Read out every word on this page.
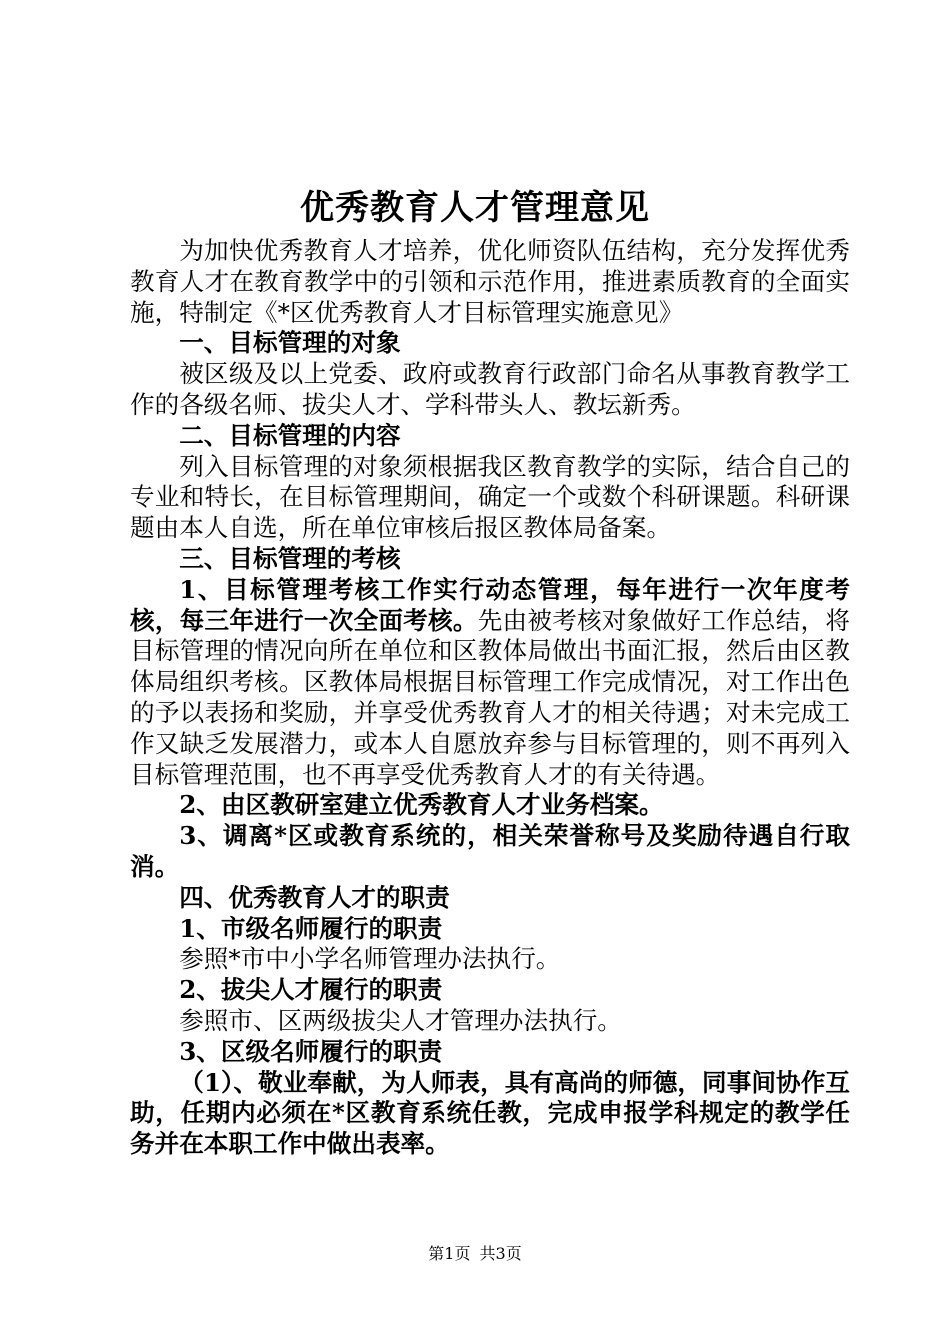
优秀教育人才管理意见

为加快优秀教育人才培养，优化师资队伍结构，充分发挥优秀教育人才在教育教学中的引领和示范作用，推进素质教育的全面实施，特制定《*区优秀教育人才目标管理实施意见》

一、目标管理的对象

被区级及以上党委、政府或教育行政部门命名从事教育教学工作的各级名师、拔尖人才、学科带头人、教坛新秀。

二、目标管理的内容

列入目标管理的对象须根据我区教育教学的实际，结合自己的专业和特长，在目标管理期间，确定一个或数个科研课题。科研课题由本人自选，所在单位审核后报区教体局备案。

三、目标管理的考核

1、目标管理考核工作实行动态管理，每年进行一次年度考核，每三年进行一次全面考核。先由被考核对象做好工作总结，将目标管理的情况向所在单位和区教体局做出书面汇报，然后由区教体局组织考核。区教体局根据目标管理工作完成情况，对工作出色的予以表扬和奖励，并享受优秀教育人才的相关待遇；对未完成工作又缺乏发展潜力，或本人自愿放弃参与目标管理的，则不再列入目标管理范围，也不再享受优秀教育人才的有关待遇。

2、由区教研室建立优秀教育人才业务档案。

3、调离*区或教育系统的，相关荣誉称号及奖励待遇自行取消。

四、优秀教育人才的职责

1、市级名师履行的职责

参照*市中小学名师管理办法执行。

2、拔尖人才履行的职责

参照市、区两级拔尖人才管理办法执行。

3、区级名师履行的职责

（1）、敬业奉献，为人师表，具有高尚的师德，同事间协作互助，任期内必须在*区教育系统任教，完成申报学科规定的教学任务并在本职工作中做出表率。

第1页 共3页
